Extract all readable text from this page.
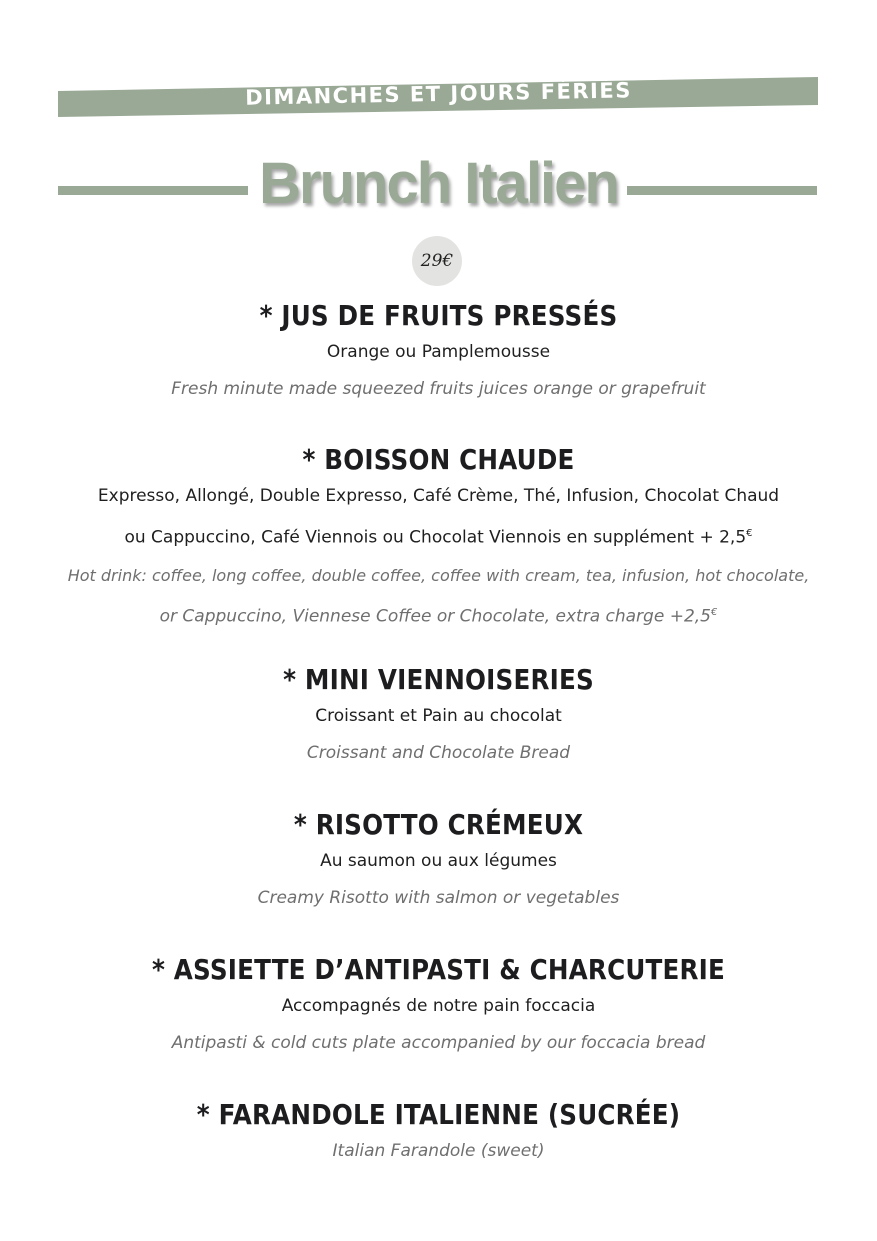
DIMANCHES ET JOURS FÉRIÉS
Brunch Italien
29€

* JUS DE FRUITS PRESSÉS

Orange ou Pamplemousse

Fresh minute made squeezed fruits juices orange or grapefruit

* BOISSON CHAUDE

Expresso, Allongé, Double Expresso, Café Crème, Thé, Infusion, Chocolat Chaud

ou Cappuccino, Café Viennois ou Chocolat Viennois en supplément + 2,5€

Hot drink: coffee, long coffee, double coffee, coffee with cream, tea, infusion, hot chocolate,

or Cappuccino, Viennese Coffee or Chocolate, extra charge +2,5€

* MINI VIENNOISERIES

Croissant et Pain au chocolat

Croissant and Chocolate Bread

* RISOTTO CRÉMEUX

Au saumon ou aux légumes

Creamy Risotto with salmon or vegetables

* ASSIETTE D’ANTIPASTI & CHARCUTERIE

Accompagnés de notre pain foccacia

Antipasti & cold cuts plate accompanied by our foccacia bread

* FARANDOLE ITALIENNE (SUCRÉE)

Italian Farandole (sweet)
